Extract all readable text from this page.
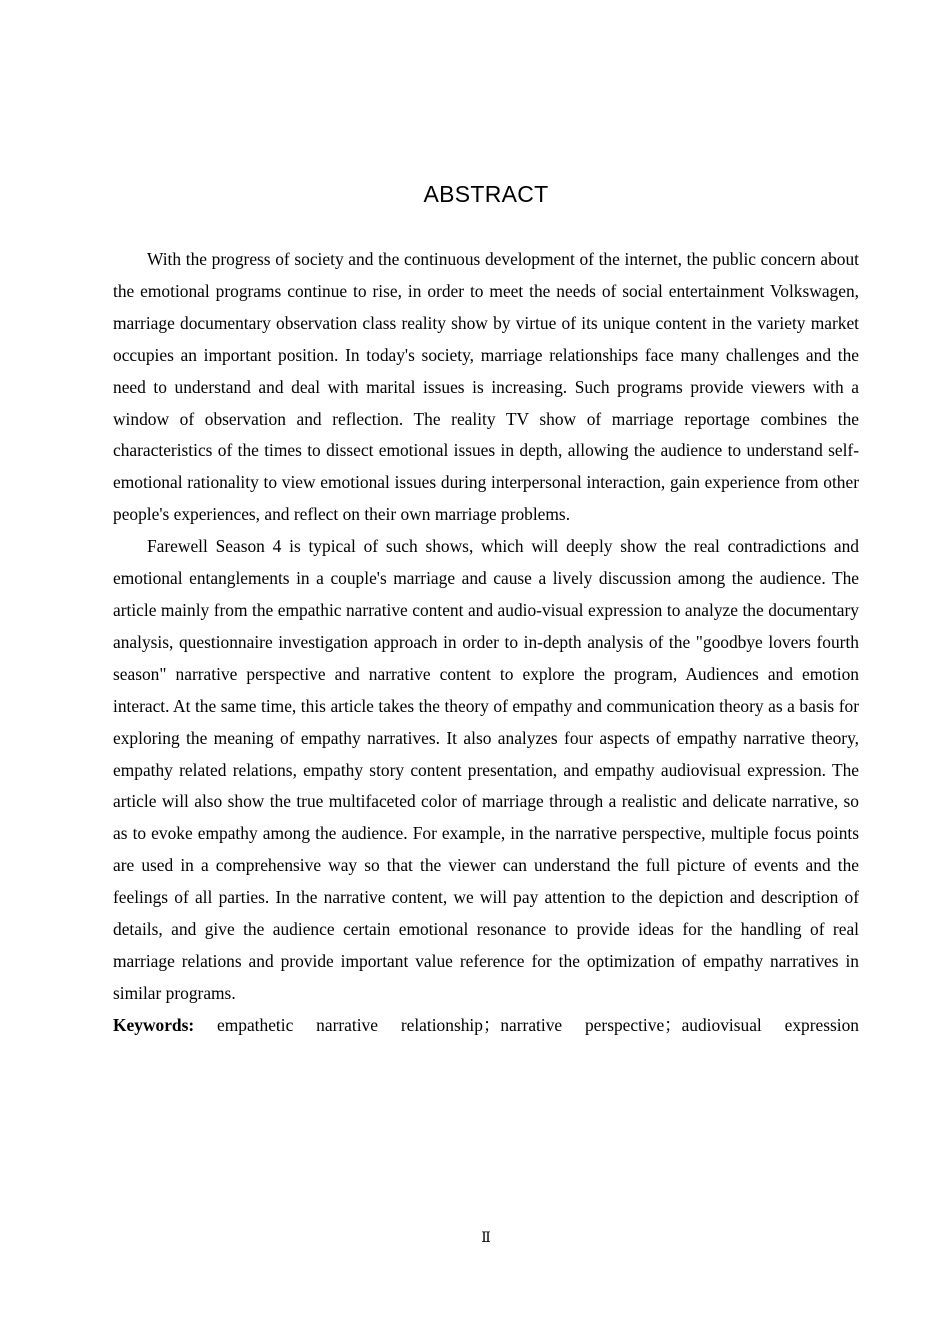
ABSTRACT

With the progress of society and the continuous development of the internet, the public concern about the emotional programs continue to rise, in order to meet the needs of social entertainment Volkswagen, marriage documentary observation class reality show by virtue of its unique content in the variety market occupies an important position. In today's society, marriage relationships face many challenges and the need to understand and deal with marital issues is increasing. Such programs provide viewers with a window of observation and reflection. The reality TV show of marriage reportage combines the characteristics of the times to dissect emotional issues in depth, allowing the audience to understand self-emotional rationality to view emotional issues during interpersonal interaction, gain experience from other people's experiences, and reflect on their own marriage problems.

Farewell Season 4 is typical of such shows, which will deeply show the real contradictions and emotional entanglements in a couple's marriage and cause a lively discussion among the audience. The article mainly from the empathic narrative content and audio-visual expression to analyze the documentary analysis, questionnaire investigation approach in order to in-depth analysis of the "goodbye lovers fourth season" narrative perspective and narrative content to explore the program, Audiences and emotion interact. At the same time, this article takes the theory of empathy and communication theory as a basis for exploring the meaning of empathy narratives. It also analyzes four aspects of empathy narrative theory, empathy related relations, empathy story content presentation, and empathy audiovisual expression. The article will also show the true multifaceted color of marriage through a realistic and delicate narrative, so as to evoke empathy among the audience. For example, in the narrative perspective, multiple focus points are used in a comprehensive way so that the viewer can understand the full picture of events and the feelings of all parties. In the narrative content, we will pay attention to the depiction and description of details, and give the audience certain emotional resonance to provide ideas for the handling of real marriage relations and provide important value reference for the optimization of empathy narratives in similar programs.

Keywords: empathetic narrative relationship；narrative perspective；audiovisual expression
Ⅱ
